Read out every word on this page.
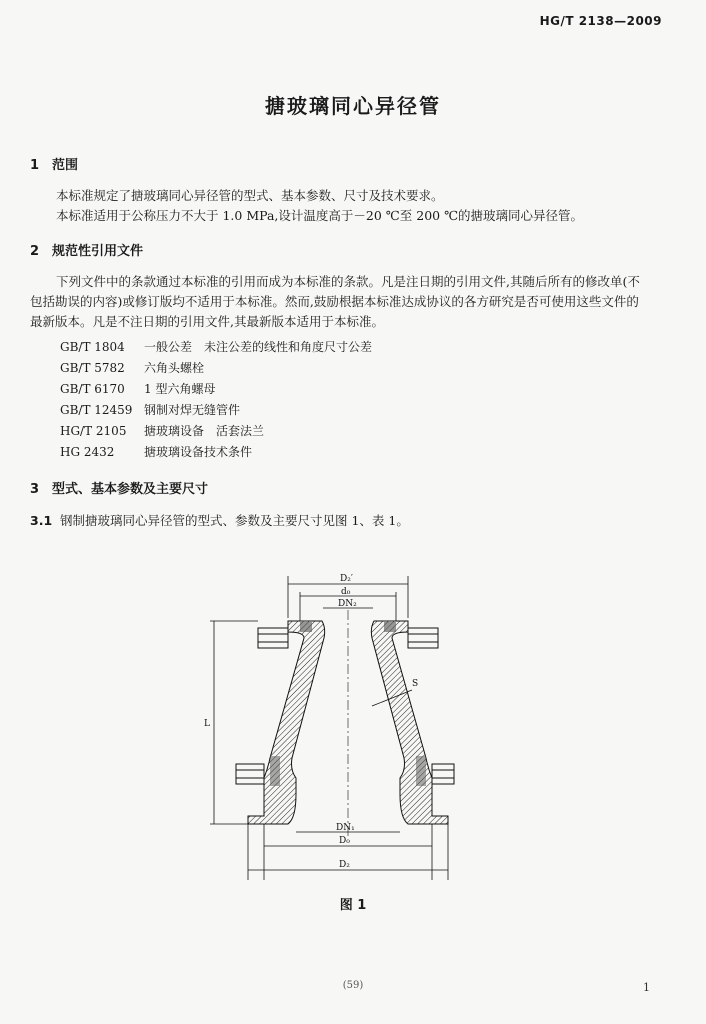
HG/T 2138—2009
搪玻璃同心异径管
1 范围
本标准规定了搪玻璃同心异径管的型式、基本参数、尺寸及技术要求。
本标准适用于公称压力不大于 1.0 MPa,设计温度高于－20 ℃至 200 ℃的搪玻璃同心异径管。
2 规范性引用文件
下列文件中的条款通过本标准的引用而成为本标准的条款。凡是注日期的引用文件,其随后所有的修改单(不包括勘误的内容)或修订版均不适用于本标准。然而,鼓励根据本标准达成协议的各方研究是否可使用这些文件的最新版本。凡是不注日期的引用文件,其最新版本适用于本标准。
GB/T 1804 一般公差　未注公差的线性和角度尺寸公差
GB/T 5782 六角头螺栓
GB/T 6170 1 型六角螺母
GB/T 12459 钢制对焊无缝管件
HG/T 2105 搪玻璃设备　活套法兰
HG 2432 搪玻璃设备技术条件
3 型式、基本参数及主要尺寸
3.1 钢制搪玻璃同心异径管的型式、参数及主要尺寸见图 1、表 1。
D₂′
d₀
DN₂
L
S
DN₁
D₀
D₂
图 1
(59)	1
